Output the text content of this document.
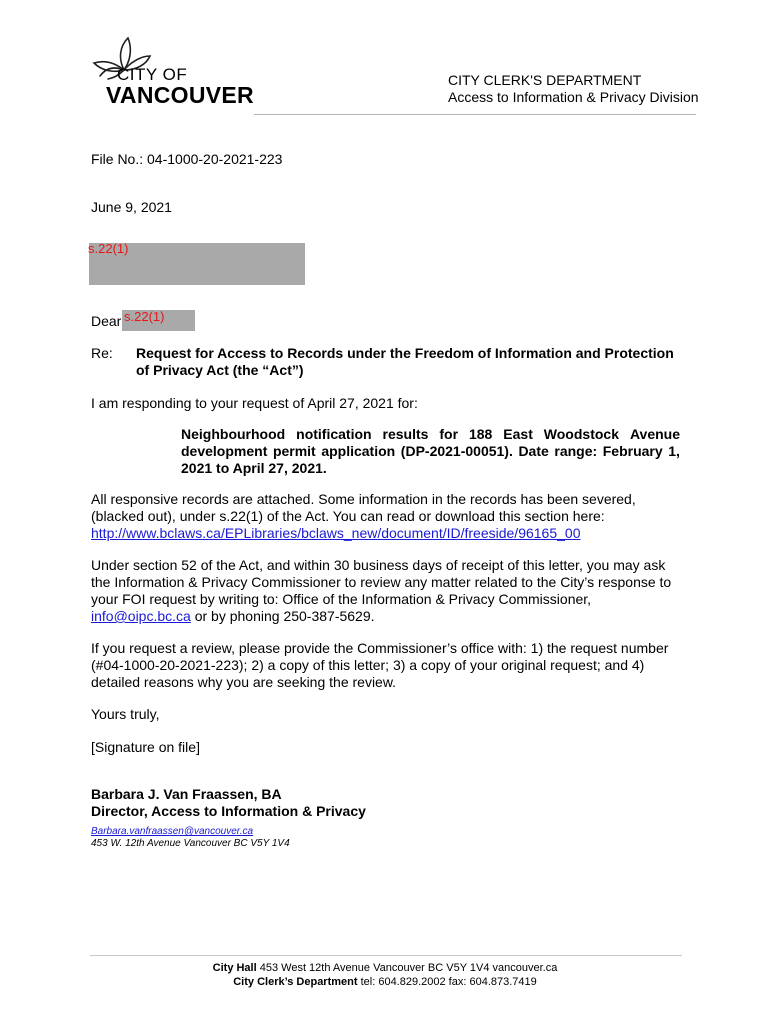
CITY OF
VANCOUVER
CITY CLERK'S DEPARTMENT
Access to Information & Privacy Division
File No.: 04-1000-20-2021-223
June 9, 2021
s.22(1)
Dear s.22(1)
Re: Request for Access to Records under the Freedom of Information and Protection
of Privacy Act (the “Act”)
I am responding to your request of April 27, 2021 for:
Neighbourhood notification results for 188 East Woodstock Avenue
development permit application (DP-2021-00051). Date range: February 1,
2021 to April 27, 2021.
All responsive records are attached. Some information in the records has been severed,
(blacked out), under s.22(1) of the Act. You can read or download this section here:
http://www.bclaws.ca/EPLibraries/bclaws_new/document/ID/freeside/96165_00
Under section 52 of the Act, and within 30 business days of receipt of this letter, you may ask
the Information & Privacy Commissioner to review any matter related to the City’s response to
your FOI request by writing to: Office of the Information & Privacy Commissioner,
info@oipc.bc.ca or by phoning 250-387-5629.
If you request a review, please provide the Commissioner’s office with: 1) the request number
(#04-1000-20-2021-223); 2) a copy of this letter; 3) a copy of your original request; and 4)
detailed reasons why you are seeking the review.
Yours truly,
[Signature on file]
Barbara J. Van Fraassen, BA
Director, Access to Information & Privacy
Barbara.vanfraassen@vancouver.ca
453 W. 12th Avenue Vancouver BC V5Y 1V4
City Hall 453 West 12th Avenue Vancouver BC V5Y 1V4 vancouver.ca
City Clerk’s Department tel: 604.829.2002 fax: 604.873.7419
